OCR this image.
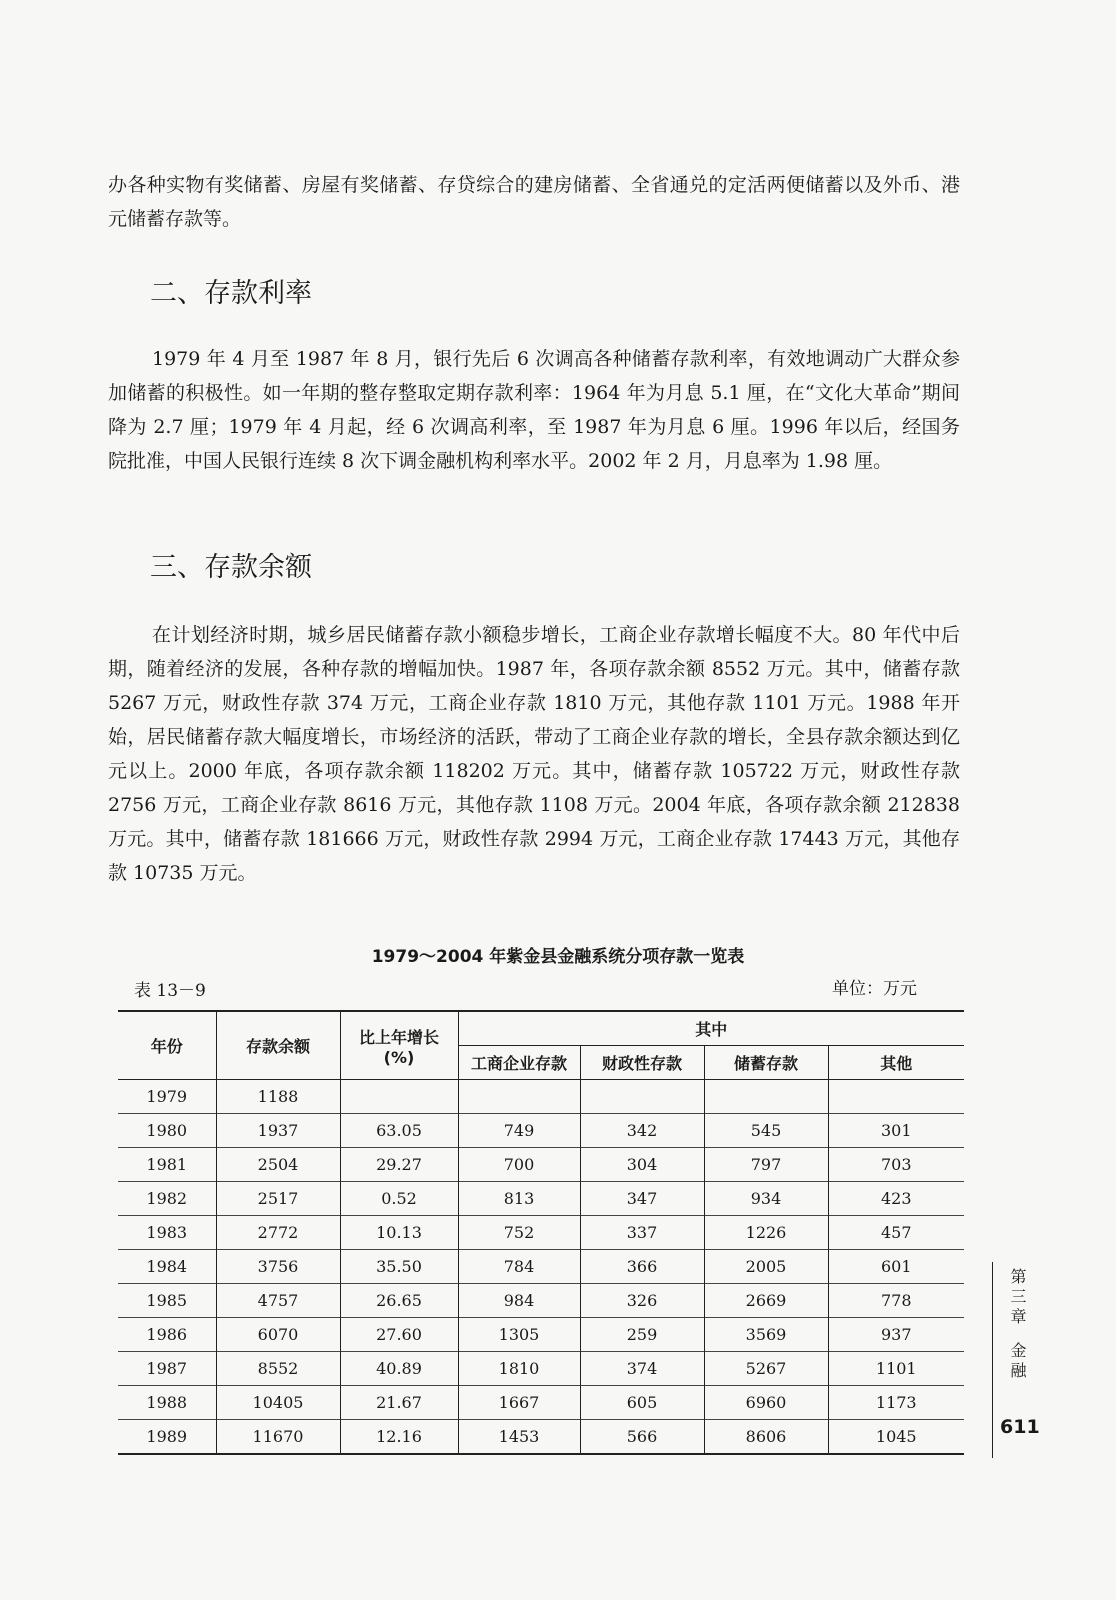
办各种实物有奖储蓄、房屋有奖储蓄、存贷综合的建房储蓄、全省通兑的定活两便储蓄以及外币、港元储蓄存款等。

二、存款利率

1979 年 4 月至 1987 年 8 月，银行先后 6 次调高各种储蓄存款利率，有效地调动广大群众参加储蓄的积极性。如一年期的整存整取定期存款利率：1964 年为月息 5.1 厘，在“文化大革命”期间降为 2.7 厘；1979 年 4 月起，经 6 次调高利率，至 1987 年为月息 6 厘。1996 年以后，经国务院批准，中国人民银行连续 8 次下调金融机构利率水平。2002 年 2 月，月息率为 1.98 厘。

三、存款余额

在计划经济时期，城乡居民储蓄存款小额稳步增长，工商企业存款增长幅度不大。80 年代中后期，随着经济的发展，各种存款的增幅加快。1987 年，各项存款余额 8552 万元。其中，储蓄存款 5267 万元，财政性存款 374 万元，工商企业存款 1810 万元，其他存款 1101 万元。1988 年开始，居民储蓄存款大幅度增长，市场经济的活跃，带动了工商企业存款的增长，全县存款余额达到亿元以上。2000 年底，各项存款余额 118202 万元。其中，储蓄存款 105722 万元，财政性存款 2756 万元，工商企业存款 8616 万元，其他存款 1108 万元。2004 年底，各项存款余额 212838 万元。其中，储蓄存款 181666 万元，财政性存款 2994 万元，工商企业存款 17443 万元，其他存款 10735 万元。

1979～2004 年紫金县金融系统分项存款一览表
表 13－9	单位：万元
年份	存款余额	比上年增长(%)	其中			
			工商企业存款	财政性存款	储蓄存款	其他
1979	1188					
1980	1937	63.05	749	342	545	301
1981	2504	29.27	700	304	797	703
1982	2517	0.52	813	347	934	423
1983	2772	10.13	752	337	1226	457
1984	3756	35.50	784	366	2005	601
1985	4757	26.65	984	326	2669	778
1986	6070	27.60	1305	259	3569	937
1987	8552	40.89	1810	374	5267	1101
1988	10405	21.67	1667	605	6960	1173
1989	11670	12.16	1453	566	8606	1045
第三章
金融
611
